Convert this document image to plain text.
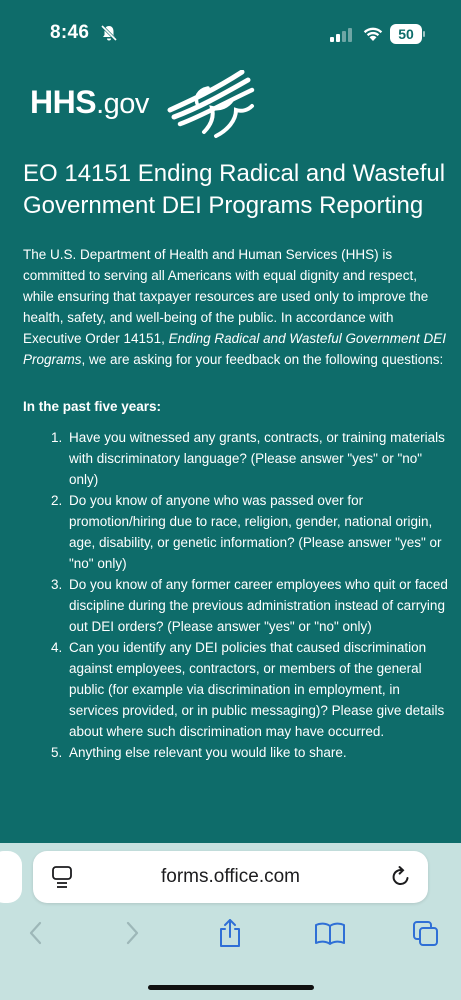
8:46	50
HHS.gov
EO 14151 Ending Radical and Wasteful Government DEI Programs Reporting

The U.S. Department of Health and Human Services (HHS) is committed to serving all Americans with equal dignity and respect, while ensuring that taxpayer resources are used only to improve the health, safety, and well-being of the public. In accordance with Executive Order 14151, Ending Radical and Wasteful Government DEI Programs, we are asking for your feedback on the following questions:

In the past five years:
1. Have you witnessed any grants, contracts, or training materials with discriminatory language? (Please answer "yes" or "no" only)
2. Do you know of anyone who was passed over for promotion/hiring due to race, religion, gender, national origin, age, disability, or genetic information? (Please answer "yes" or "no" only)
3. Do you know of any former career employees who quit or faced discipline during the previous administration instead of carrying out DEI orders? (Please answer "yes" or "no" only)
4. Can you identify any DEI policies that caused discrimination against employees, contractors, or members of the general public (for example via discrimination in employment, in services provided, or in public messaging)? Please give details about where such discrimination may have occurred.
5. Anything else relevant you would like to share.
forms.office.com
